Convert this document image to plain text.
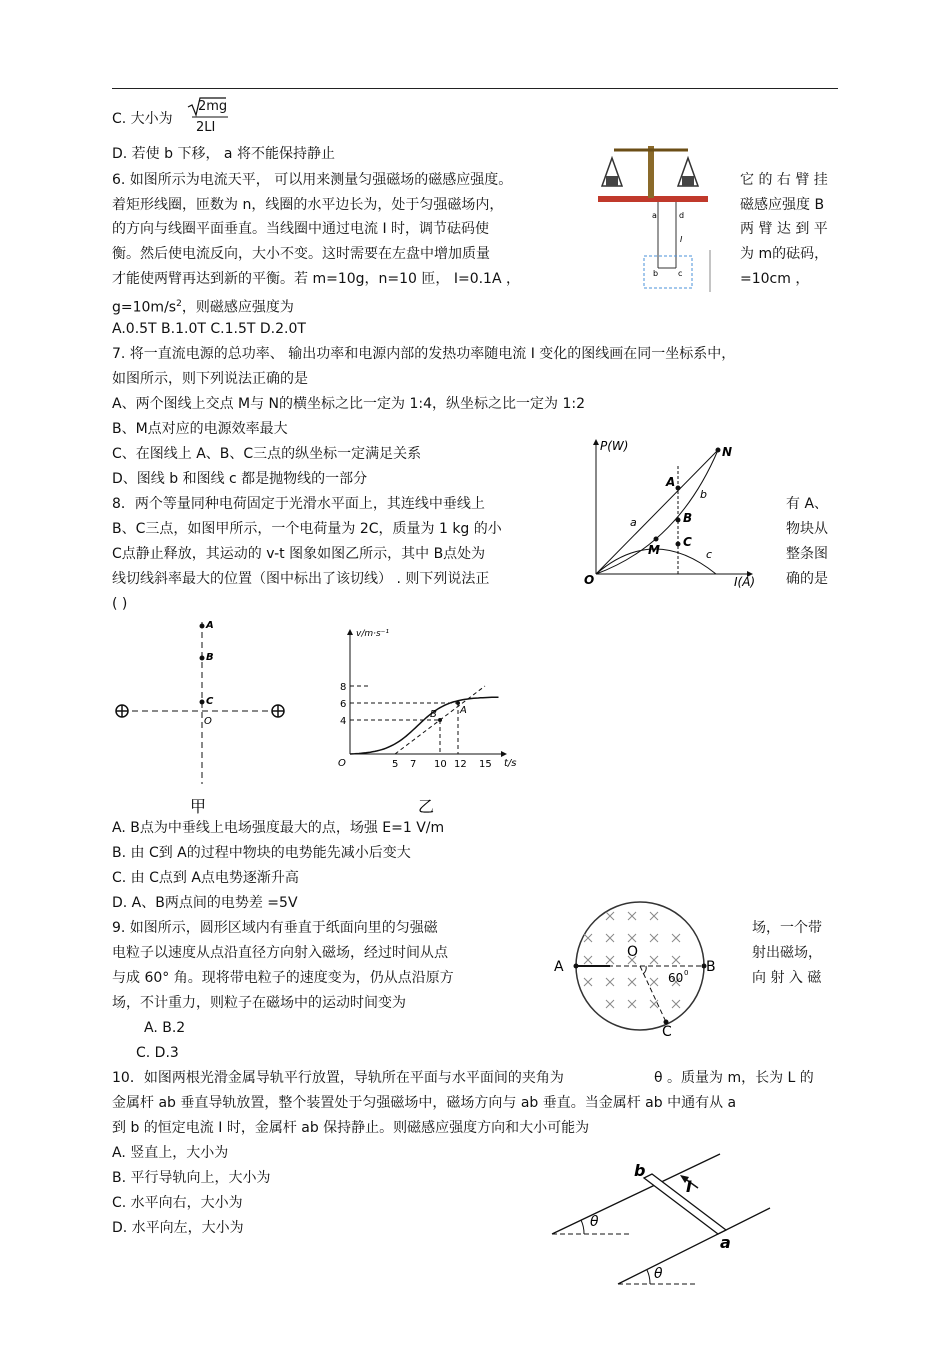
C. 大小为
2mg
2LI
D. 若使 b 下移， a 将不能保持静止
6. 如图所示为电流天平， 可以用来测量匀强磁场的磁感应强度。	它 的 右 臂 挂
着矩形线圈，匝数为 n，线圈的水平边长为，处于匀强磁场内，	磁感应强度 B
的方向与线圈平面垂直。当线圈中通过电流 I 时，调节砝码使	两 臂 达 到 平
衡。然后使电流反向，大小不变。这时需要在左盘中增加质量	为 m的砝码，
才能使两臂再达到新的平衡。若 m=10g，n=10 匝， I=0.1A ，	=10cm ，
$g=10m/s^2$，则磁感应强度为
A.0.5T B.1.0T C.1.5T D.2.0T
a	d
b c
I
7. 将一直流电源的总功率、 输出功率和电源内部的发热功率随电流 I 变化的图线画在同一坐标系中，
如图所示，则下列说法正确的是
A、两个图线上交点 M与 N的横坐标之比一定为 1:4，纵坐标之比一定为 1:2
B、M点对应的电源效率最大
C、在图线上 A、B、C三点的纵坐标一定满足关系
D、图线 b 和图线 c 都是抛物线的一部分
P(W)
I(A)
O
N
A
B
C
M
a
b
c
8．两个等量同种电荷固定于光滑水平面上，其连线中垂线上	有 A、
B、C三点，如图甲所示，一个电荷量为 2C，质量为 1 kg 的小	物块从
C点静止释放，其运动的 v-t 图象如图乙所示，其中 B点处为	整条图
线切线斜率最大的位置（图中标出了该切线） . 则下列说法正	确的是
( )
A
B
C
O
甲
v/m·s⁻¹
t/s
O
8
6
4
5 7 10 12 15
A
B
乙
A. B点为中垂线上电场强度最大的点，场强 E=1 V/m
B. 由 C到 A的过程中物块的电势能先减小后变大
C. 由 C点到 A点电势逐渐升高
D. A、B两点间的电势差 =5V
9. 如图所示，圆形区域内有垂直于纸面向里的匀强磁	场，一个带
电粒子以速度从点沿直径方向射入磁场，经过时间从点	射出磁场，
与成 60° 角。现将带电粒子的速度变为，仍从点沿原方	向 射 入 磁
场，不计重力，则粒子在磁场中的运动时间变为
A. B.2
C. D.3
O
A	B
C
60 0
10．如图两根光滑金属导轨平行放置，导轨所在平面与水平面间的夹角为	θ 。质量为 m，长为 L 的
金属杆 ab 垂直导轨放置，整个装置处于匀强磁场中，磁场方向与 ab 垂直。当金属杆 ab 中通有从 a
到 b 的恒定电流 I 时，金属杆 ab 保持静止。则磁感应强度方向和大小可能为
A. 竖直上，大小为
B. 平行导轨向上，大小为
C. 水平向右，大小为
D. 水平向左，大小为
b
a
I
θ
θ
